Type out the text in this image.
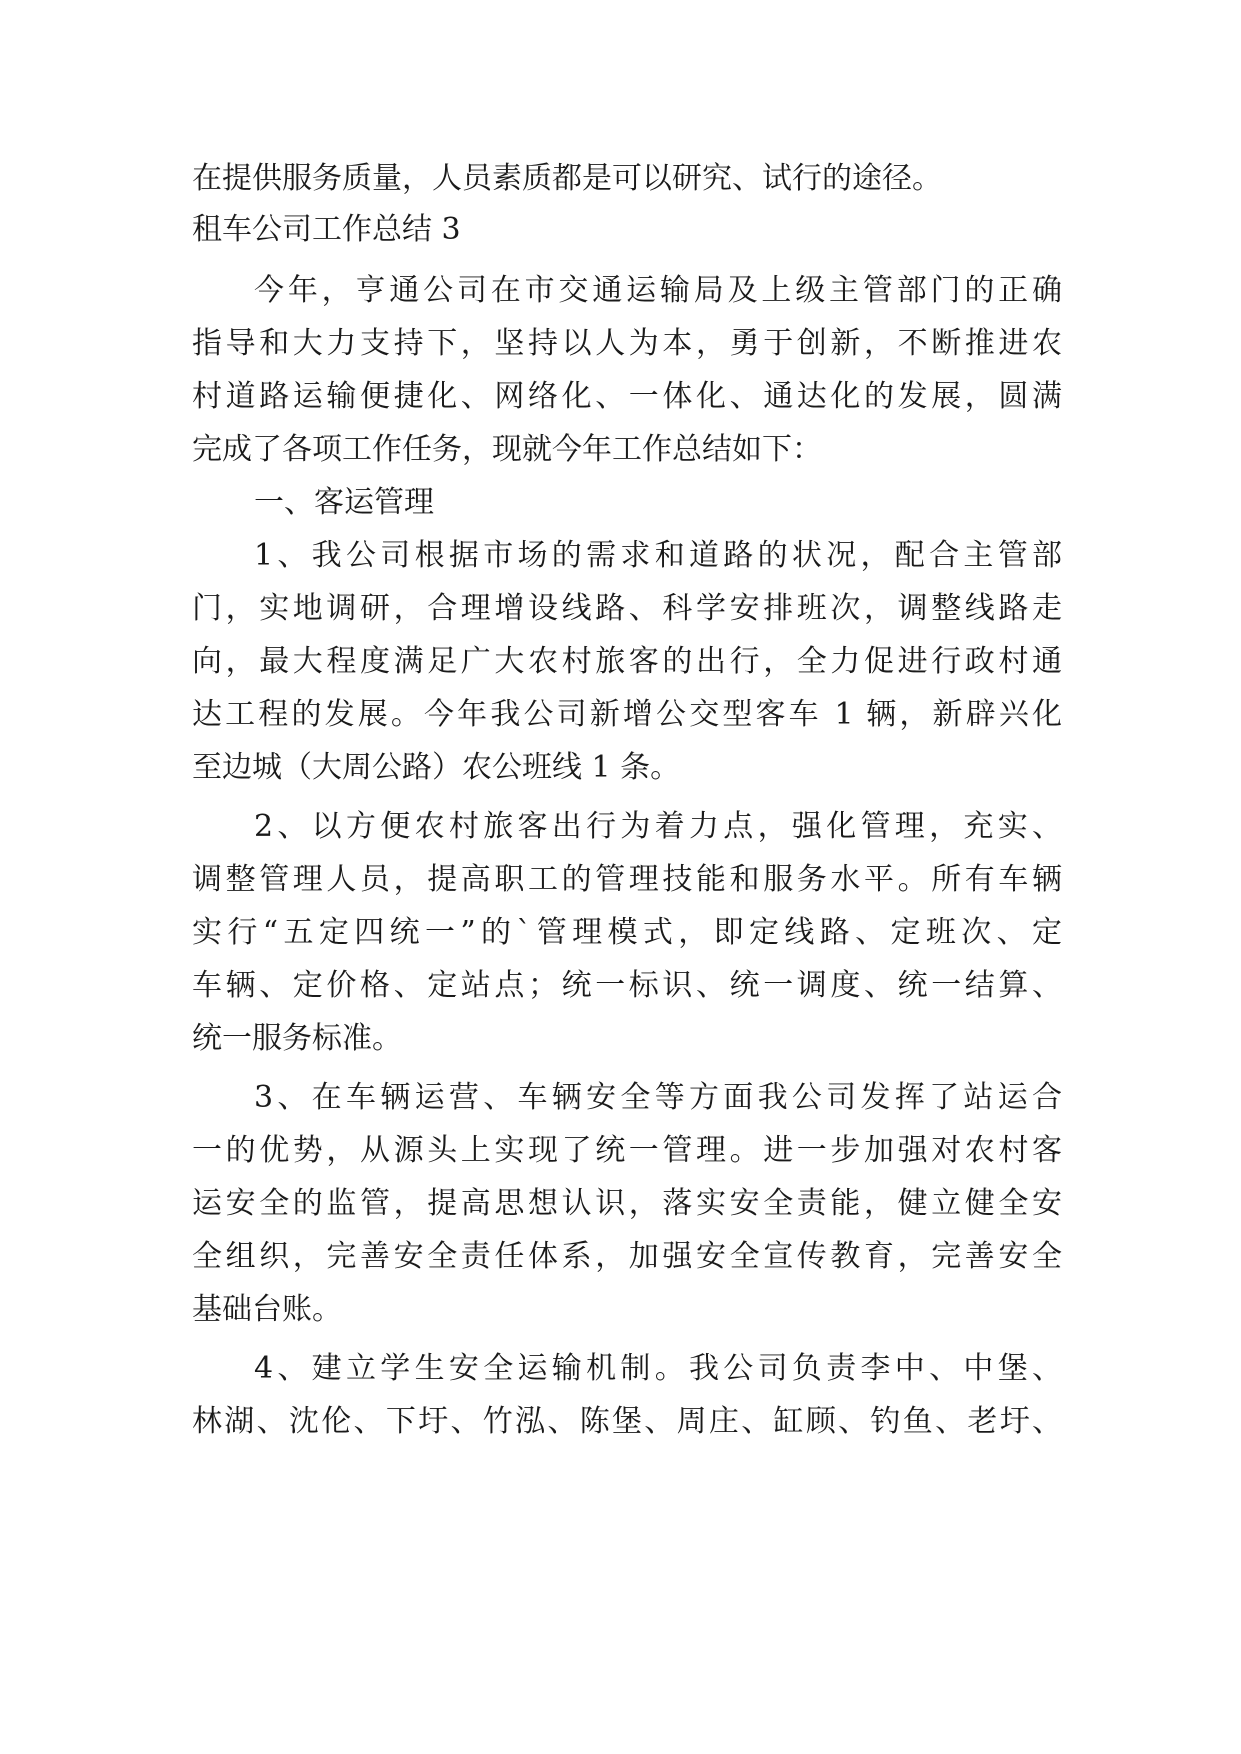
在提供服务质量，人员素质都是可以研究、试行的途径。
租车公司工作总结 3
今年，亨通公司在市交通运输局及上级主管部门的正确
指导和大力支持下，坚持以人为本，勇于创新，不断推进农
村道路运输便捷化、网络化、一体化、通达化的发展，圆满
完成了各项工作任务，现就今年工作总结如下：
一、客运管理
1、我公司根据市场的需求和道路的状况，配合主管部
门，实地调研，合理增设线路、科学安排班次，调整线路走
向，最大程度满足广大农村旅客的出行，全力促进行政村通
达工程的发展。今年我公司新增公交型客车 1 辆，新辟兴化
至边城（大周公路）农公班线 1 条。
2、以方便农村旅客出行为着力点，强化管理，充实、
调整管理人员，提高职工的管理技能和服务水平。所有车辆
实行“五定四统一”的`管理模式，即定线路、定班次、定
车辆、定价格、定站点；统一标识、统一调度、统一结算、
统一服务标准。
3、在车辆运营、车辆安全等方面我公司发挥了站运合
一的优势，从源头上实现了统一管理。进一步加强对农村客
运安全的监管，提高思想认识，落实安全责能，健立健全安
全组织，完善安全责任体系，加强安全宣传教育，完善安全
基础台账。
4、建立学生安全运输机制。我公司负责李中、中堡、
林湖、沈伦、下圩、竹泓、陈堡、周庄、缸顾、钓鱼、老圩、
